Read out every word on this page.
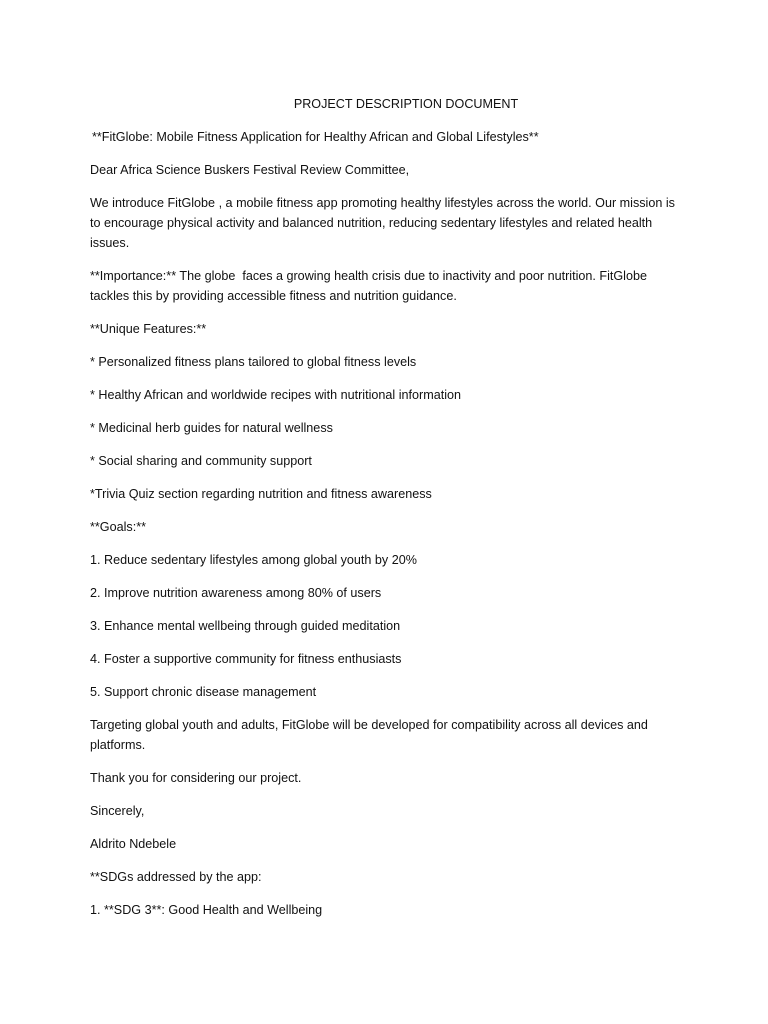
PROJECT DESCRIPTION DOCUMENT

**FitGlobe: Mobile Fitness Application for Healthy African and Global Lifestyles**

Dear Africa Science Buskers Festival Review Committee,

We introduce FitGlobe , a mobile fitness app promoting healthy lifestyles across the world. Our mission is to encourage physical activity and balanced nutrition, reducing sedentary lifestyles and related health issues.

**Importance:** The globe  faces a growing health crisis due to inactivity and poor nutrition. FitGlobe tackles this by providing accessible fitness and nutrition guidance.

**Unique Features:**

* Personalized fitness plans tailored to global fitness levels

* Healthy African and worldwide recipes with nutritional information

* Medicinal herb guides for natural wellness

* Social sharing and community support

*Trivia Quiz section regarding nutrition and fitness awareness

**Goals:**

1. Reduce sedentary lifestyles among global youth by 20%

2. Improve nutrition awareness among 80% of users

3. Enhance mental wellbeing through guided meditation

4. Foster a supportive community for fitness enthusiasts

5. Support chronic disease management

Targeting global youth and adults, FitGlobe will be developed for compatibility across all devices and platforms.

Thank you for considering our project.

Sincerely,

Aldrito Ndebele

**SDGs addressed by the app:

1. **SDG 3**: Good Health and Wellbeing
